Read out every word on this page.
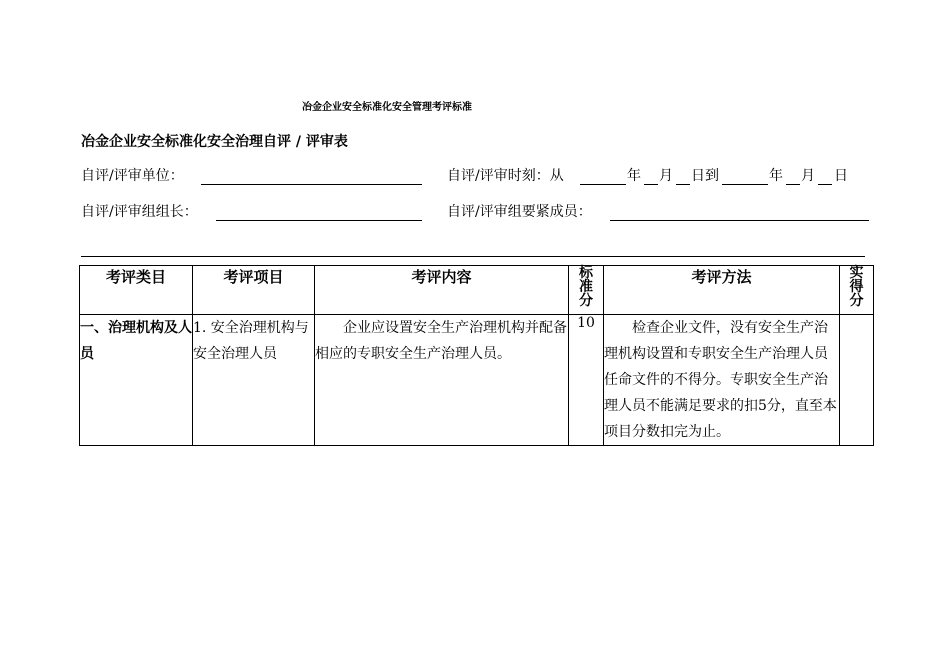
冶金企业安全标准化安全管理考评标准
冶金企业安全标准化安全治理自评 / 评审表
自评/评审单位：	自评/评审时刻：从	年 月 日到	年 月 日
自评/评审组组长：	自评/评审组要紧成员：
考评类目	考评项目	考评内容	标准分	考评方法	实得分

一、治理机构及人员	1. 安全治理机构与安全治理人员	企业应设置安全生产治理机构并配备相应的专职安全生产治理人员。	10	检查企业文件，没有安全生产治理机构设置和专职安全生产治理人员任命文件的不得分。专职安全生产治理人员不能满足要求的扣5分，直至本项目分数扣完为止。	
